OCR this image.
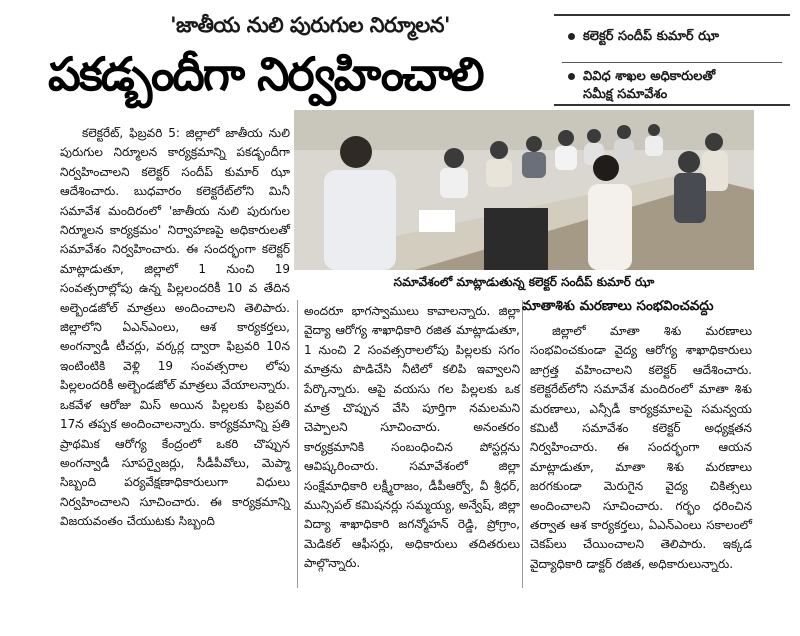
'జాతీయ నులి పురుగుల నిర్మూలన'
పకడ్బందీగా నిర్వహించాలి
కలెక్టర్ సందీప్ కుమార్ ఝా
వివిధ శాఖల అధికారులతో
సమీక్ష సమావేశం

కలెక్టరేట్, ఫిబ్రవరి 5: జిల్లాలో జాతీయ నులి పురుగుల నిర్మూలన కార్యక్రమాన్ని పకడ్బందీగా నిర్వహించాలని కలెక్టర్ సందీప్ కుమార్ ఝా ఆదేశించారు. బుధవారం కలెక్టరేట్‌లోని మినీ సమావేశ మందిరంలో 'జాతీయ నులి పురుగుల నిర్మూలన కార్యక్రమం' నిర్వాహణపై అధికారులతో సమావేశం నిర్వహించారు. ఈ సందర్భంగా కలెక్టర్ మాట్లాడుతూ, జిల్లాలో 1 నుంచి 19 సంవత్సరాల్లోపు ఉన్న పిల్లలందరికీ 10 వ తేదిన అల్బెండజోల్ మాత్రలు అందించాలని తెలిపారు. జిల్లాలోని ఏఎన్ఎంలు, ఆశ కార్యకర్తలు, అంగన్వాడీ టీచర్లు, వర్కర్ల ద్వారా ఫిబ్రవరి 10న ఇంటింటికి వెళ్లి 19 సంవత్సరాల లోపు పిల్లలందరికీ అల్బెండజోల్ మాత్రలు వేయాలన్నారు. ఒకవేళ ఆరోజు మిస్ అయిన పిల్లలకు ఫిబ్రవరి 17న తప్పక అందించాలన్నారు. కార్యక్రమాన్ని ప్రతి ప్రాథమిక ఆరోగ్య కేంద్రంలో ఒకరి చొప్పున అంగన్వాడీ సూపర్వైజర్లు, సీడీపీవోలు, మెప్మా సిబ్బంది పర్యవేక్షణాధికారులుగా విధులు నిర్వహించాలని సూచించారు. ఈ కార్యక్రమాన్ని విజయవంతం చేయుటకు సిబ్బంది

సమావేశంలో మాట్లాడుతున్న కలెక్టర్ సందీప్ కుమార్ ఝా

అందరూ భాగస్వాములు కావాలన్నారు. జిల్లా వైద్యా ఆరోగ్య శాఖాధికారి రజిత మాట్లాడుతూ, 1 నుంచి 2 సంవత్సరాలలోపు పిల్లలకు సగం మాత్రను పొడిచేసి నీటిలో కలిపి ఇవ్వాలని పేర్కొన్నారు. ఆపై వయసు గల పిల్లలకు ఒక మాత్ర చొప్పున వేసి పూర్తిగా నమలమని చెప్పాలని సూచించారు. అనంతరం కార్యక్రమానికి సంబంధించిన పోస్టర్లను ఆవిష్కరించారు. సమావేశంలో జిల్లా సంక్షేమాధికారి లక్ష్మీరాజం, డీపీఆర్వో, వీ శ్రీధర్, మున్సిపల్ కమిషనర్లు సమ్మయ్య, అన్వేష్, జిల్లా విద్యా శాఖాధికారి జగన్మోహన్ రెడ్డి, ప్రోగ్రాం, మెడికల్ ఆఫీసర్లు, అధికారులు తదితరులు పాల్గొన్నారు.

మాతాశిశు మరణాలు సంభవించవద్దు

జిల్లాలో మాతా శిశు మరణాలు సంభవించకుండా వైద్య ఆరోగ్య శాఖాధికారులు జాగ్రత్త వహించాలని కలెక్టర్ ఆదేశించారు. కలెక్టరేట్‌లోని సమావేశ మందిరంలో మాతా శిశు మరణాలు, ఎన్సీడీ కార్యక్రమాలపై సమన్వయ కమిటీ సమావేశం కలెక్టర్ అధ్యక్షతన నిర్వహించారు. ఈ సందర్భంగా ఆయన మాట్లాడుతూ, మాతా శిశు మరణాలు జరగకుండా మెరుగైన వైద్య చికిత్సలు అందించాలని సూచించారు. గర్భం ధరించిన తర్వాత ఆశ కార్యకర్తలు, ఏఎన్ఎంలు సకాలంలో చెకప్‌లు చేయించాలని తెలిపారు. ఇక్కడ వైద్యాధికారి డాక్టర్ రజిత, అధికారులున్నారు.
